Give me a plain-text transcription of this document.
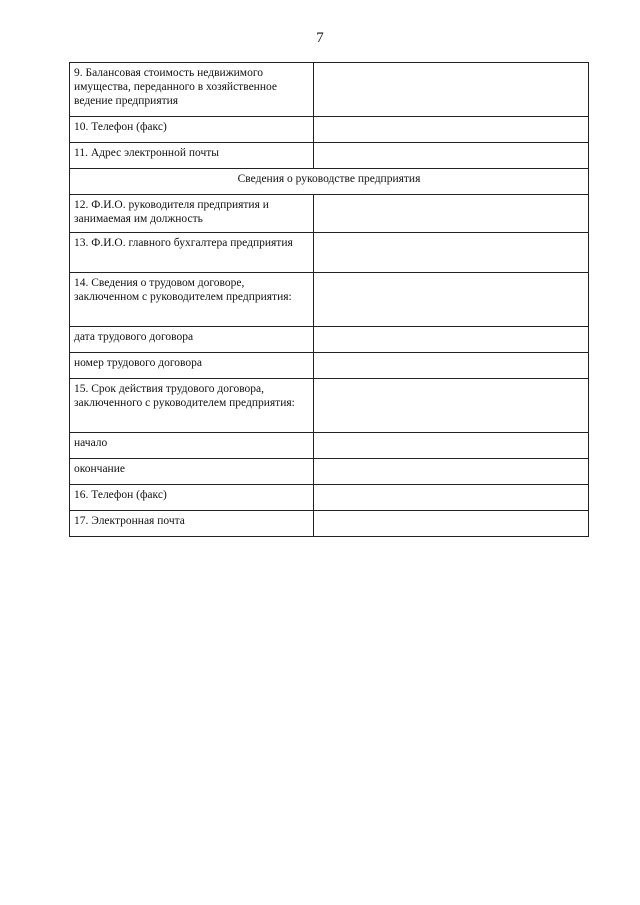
7
9. Балансовая стоимость недвижимого имущества, переданного в хозяйственное ведение предприятия	
10. Телефон (факс)	
11. Адрес электронной почты	
Сведения о руководстве предприятия	
12. Ф.И.О. руководителя предприятия и занимаемая им должность	
13. Ф.И.О. главного бухгалтера предприятия	
14. Сведения о трудовом договоре, заключенном с руководителем предприятия:	
дата трудового договора	
номер трудового договора	
15. Срок действия трудового договора, заключенного с руководителем предприятия:	
начало	
окончание	
16. Телефон (факс)	
17. Электронная почта	
